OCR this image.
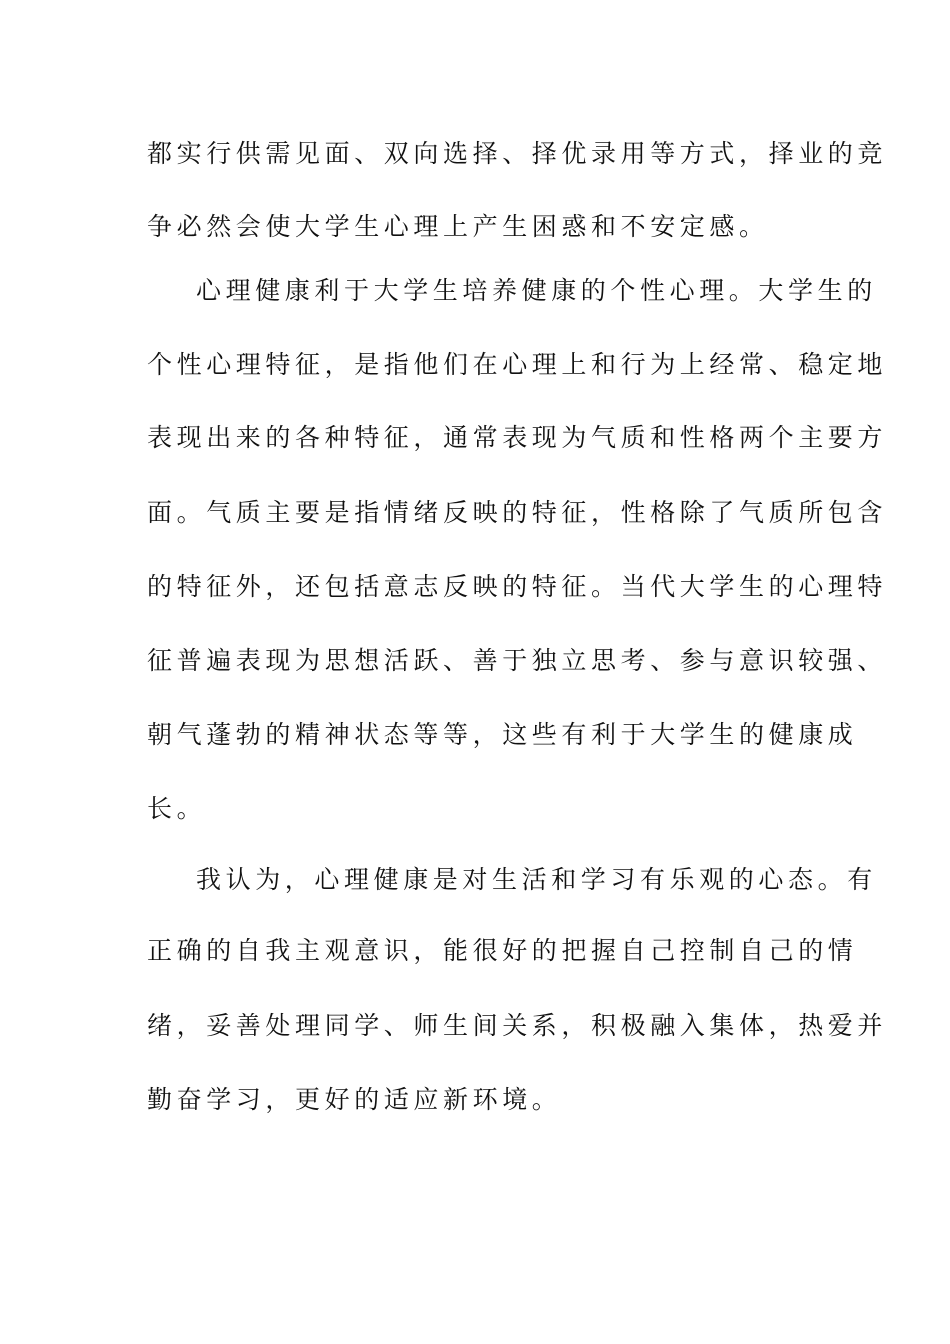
都实行供需见面、双向选择、择优录用等方式，择业的竞
争必然会使大学生心理上产生困惑和不安定感。
心理健康利于大学生培养健康的个性心理。大学生的
个性心理特征，是指他们在心理上和行为上经常、稳定地
表现出来的各种特征，通常表现为气质和性格两个主要方
面。气质主要是指情绪反映的特征，性格除了气质所包含
的特征外，还包括意志反映的特征。当代大学生的心理特
征普遍表现为思想活跃、善于独立思考、参与意识较强、
朝气蓬勃的精神状态等等，这些有利于大学生的健康成
长。
我认为，心理健康是对生活和学习有乐观的心态。有
正确的自我主观意识，能很好的把握自己控制自己的情
绪，妥善处理同学、师生间关系，积极融入集体，热爱并
勤奋学习，更好的适应新环境。
